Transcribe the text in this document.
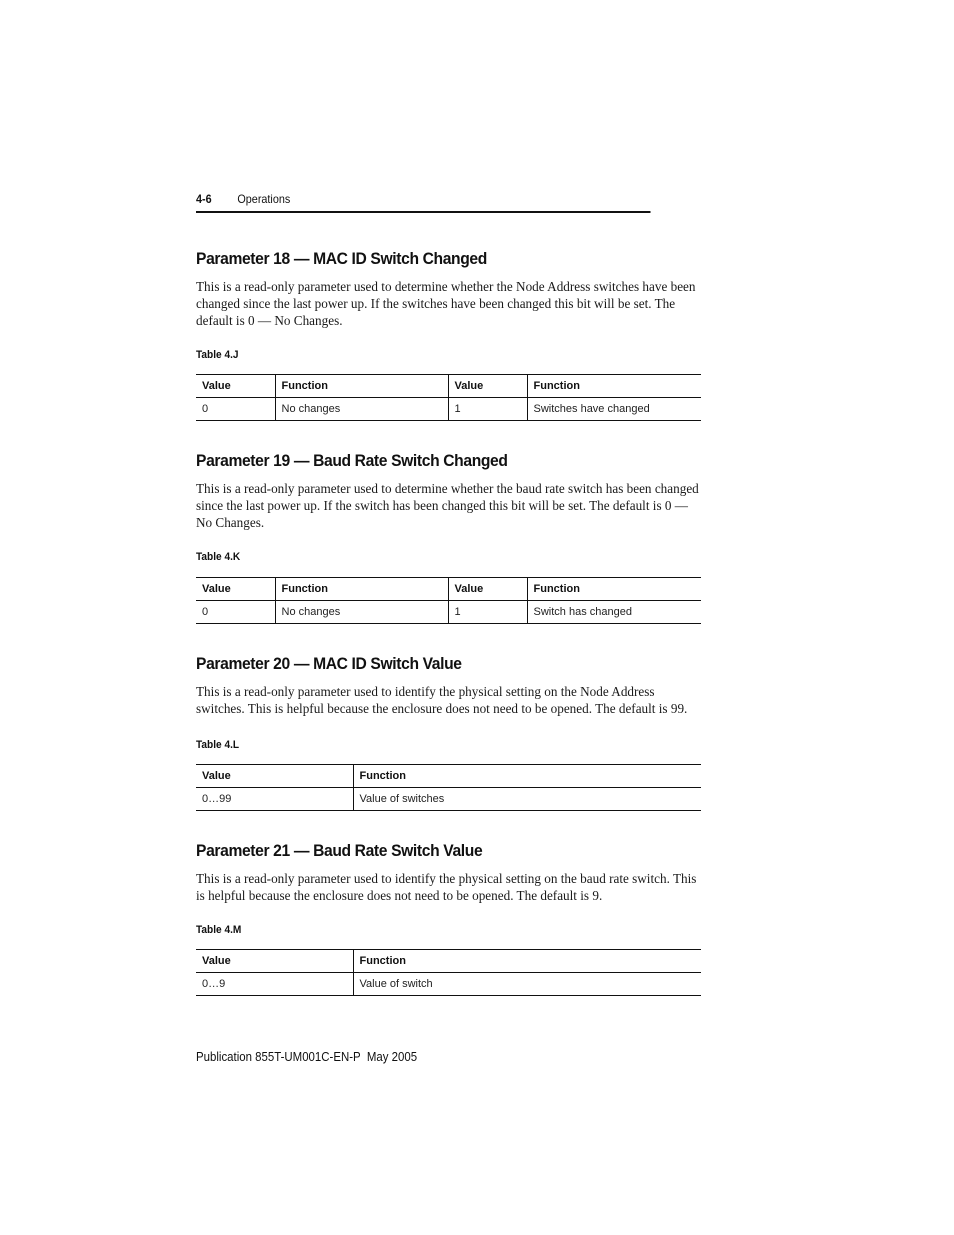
4-6 Operations
Parameter 18 — MAC ID Switch Changed

This is a read-only parameter used to determine whether the Node Address switches have been changed since the last power up. If the switches have been changed this bit will be set. The default is 0 — No Changes.

Table 4.J

Value	Function	Value	Function
0	No changes	1	Switches have changed
Parameter 19 — Baud Rate Switch Changed

This is a read-only parameter used to determine whether the baud rate switch has been changed since the last power up. If the switch has been changed this bit will be set. The default is 0 — No Changes.

Table 4.K

Value	Function	Value	Function
0	No changes	1	Switch has changed
Parameter 20 — MAC ID Switch Value

This is a read-only parameter used to identify the physical setting on the Node Address switches. This is helpful because the enclosure does not need to be opened. The default is 99.

Table 4.L

Value	Function
0…99	Value of switches
Parameter 21 — Baud Rate Switch Value

This is a read-only parameter used to identify the physical setting on the baud rate switch. This is helpful because the enclosure does not need to be opened. The default is 9.

Table 4.M

Value	Function
0…9	Value of switch
Publication 855T-UM001C-EN-P May 2005
